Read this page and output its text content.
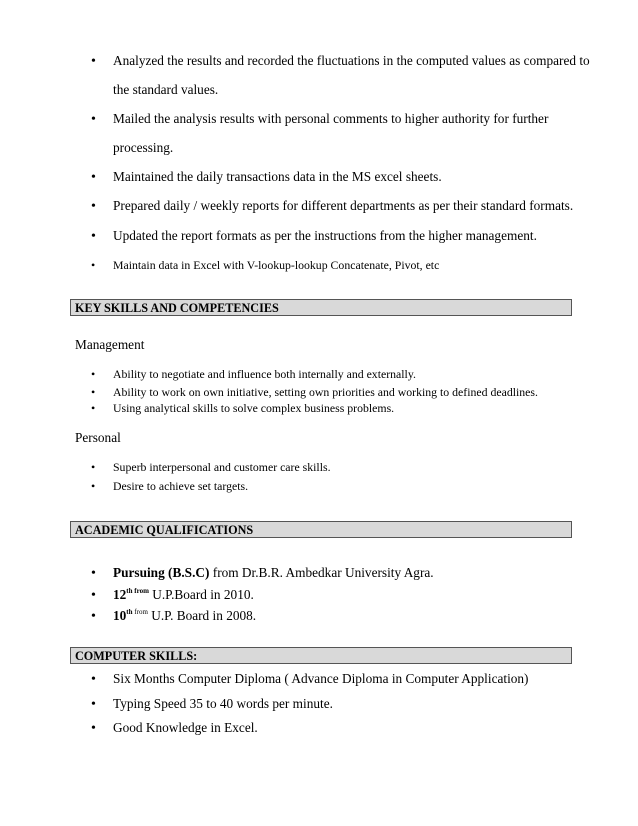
• Analyzed the results and recorded the fluctuations in the computed values as compared to
the standard values.
• Mailed the analysis results with personal comments to higher authority for further
processing.
• Maintained the daily transactions data in the MS excel sheets.
• Prepared daily / weekly reports for different departments as per their standard formats.
• Updated the report formats as per the instructions from the higher management.
• Maintain data in Excel with V-lookup-lookup Concatenate, Pivot, etc
KEY SKILLS AND COMPETENCIES
Management
• Ability to negotiate and influence both internally and externally.
• Ability to work on own initiative, setting own priorities and working to defined deadlines.
• Using analytical skills to solve complex business problems.
Personal
• Superb interpersonal and customer care skills.
• Desire to achieve set targets.
ACADEMIC QUALIFICATIONS
• Pursuing (B.S.C) from Dr.B.R. Ambedkar University Agra.
• $12^{th from}$ U.P.Board in 2010.
• 10th $^{from}$ U.P. Board in 2008.
COMPUTER SKILLS:
• Six Months Computer Diploma ( Advance Diploma in Computer Application)
• Typing Speed 35 to 40 words per minute.
• Good Knowledge in Excel.
